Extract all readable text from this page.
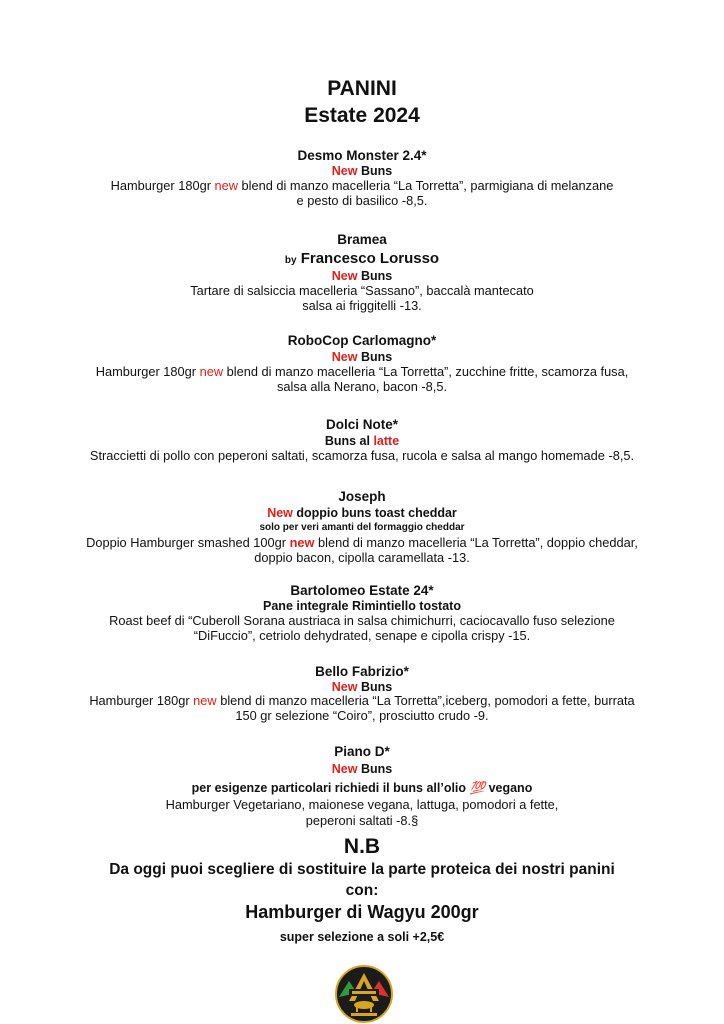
PANINI
Estate 2024
Desmo Monster 2.4*
New Buns
Hamburger 180gr new blend di manzo macelleria “La Torretta”, parmigiana di melanzane
e pesto di basilico -8,5.
Bramea
by Francesco Lorusso
New Buns
Tartare di salsiccia macelleria “Sassano”, baccalà mantecato
salsa ai friggitelli -13.
RoboCop Carlomagno*
New Buns
Hamburger 180gr new blend di manzo macelleria “La Torretta”, zucchine fritte, scamorza fusa,
salsa alla Nerano, bacon -8,5.
Dolci Note*
Buns al latte
Straccietti di pollo con peperoni saltati, scamorza fusa, rucola e salsa al mango homemade -8,5.
Joseph
New doppio buns toast cheddar
solo per veri amanti del formaggio cheddar
Doppio Hamburger smashed 100gr new blend di manzo macelleria “La Torretta”, doppio cheddar,
doppio bacon, cipolla caramellata -13.
Bartolomeo Estate 24*
Pane integrale Rimintiello tostato
Roast beef di “Cuberoll Sorana austriaca in salsa chimichurri, caciocavallo fuso selezione
“DiFuccio”, cetriolo dehydrated, senape e cipolla crispy -15.
Bello Fabrizio*
New Buns
Hamburger 180gr new blend di manzo macelleria “La Torretta”,iceberg, pomodori a fette, burrata
150 gr selezione “Coiro”, prosciutto crudo -9.
Piano D*
New Buns
per esigenze particolari richiedi il buns all’olio 💯 vegano
Hamburger Vegetariano, maionese vegana, lattuga, pomodori a fette,
peperoni saltati -8.§
N.B
Da oggi puoi scegliere di sostituire la parte proteica dei nostri panini
con:
Hamburger di Wagyu 200gr
super selezione a soli +2,5€
